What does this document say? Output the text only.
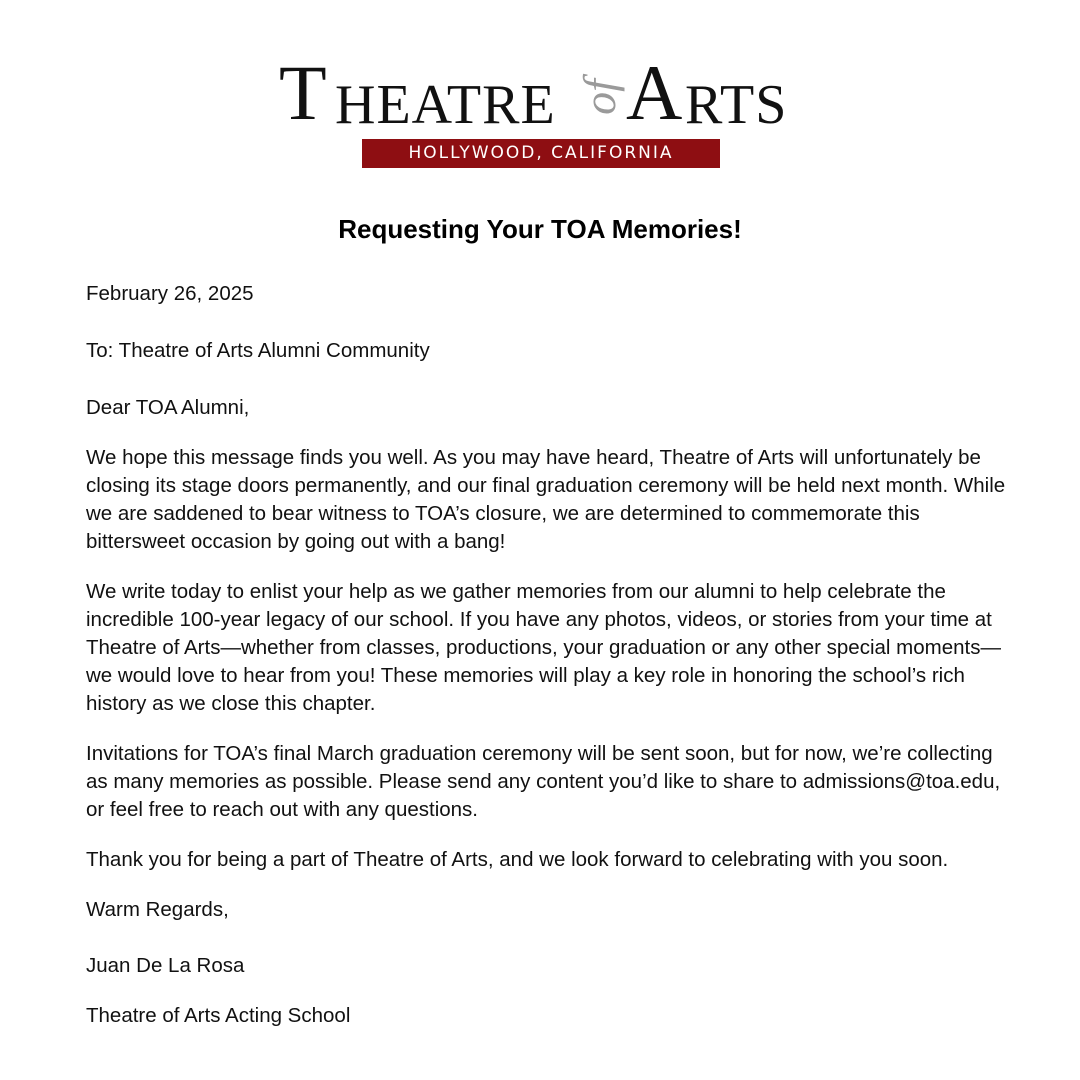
T HEATRE of A RTS
HOLLYWOOD, CALIFORNIA
Requesting Your TOA Memories!

February 26, 2025

To: Theatre of Arts Alumni Community

Dear TOA Alumni,

We hope this message finds you well. As you may have heard, Theatre of Arts will unfortunately be closing its stage doors permanently, and our final graduation ceremony will be held next month. While we are saddened to bear witness to TOA’s closure, we are determined to commemorate this bittersweet occasion by going out with a bang!

We write today to enlist your help as we gather memories from our alumni to help celebrate the incredible 100-year legacy of our school. If you have any photos, videos, or stories from your time at Theatre of Arts—whether from classes, productions, your graduation or any other special moments—we would love to hear from you! These memories will play a key role in honoring the school’s rich history as we close this chapter.

Invitations for TOA’s final March graduation ceremony will be sent soon, but for now, we’re collecting as many memories as possible. Please send any content you’d like to share to admissions@toa.edu, or feel free to reach out with any questions.

Thank you for being a part of Theatre of Arts, and we look forward to celebrating with you soon.

Warm Regards,

Juan De La Rosa

Theatre of Arts Acting School
